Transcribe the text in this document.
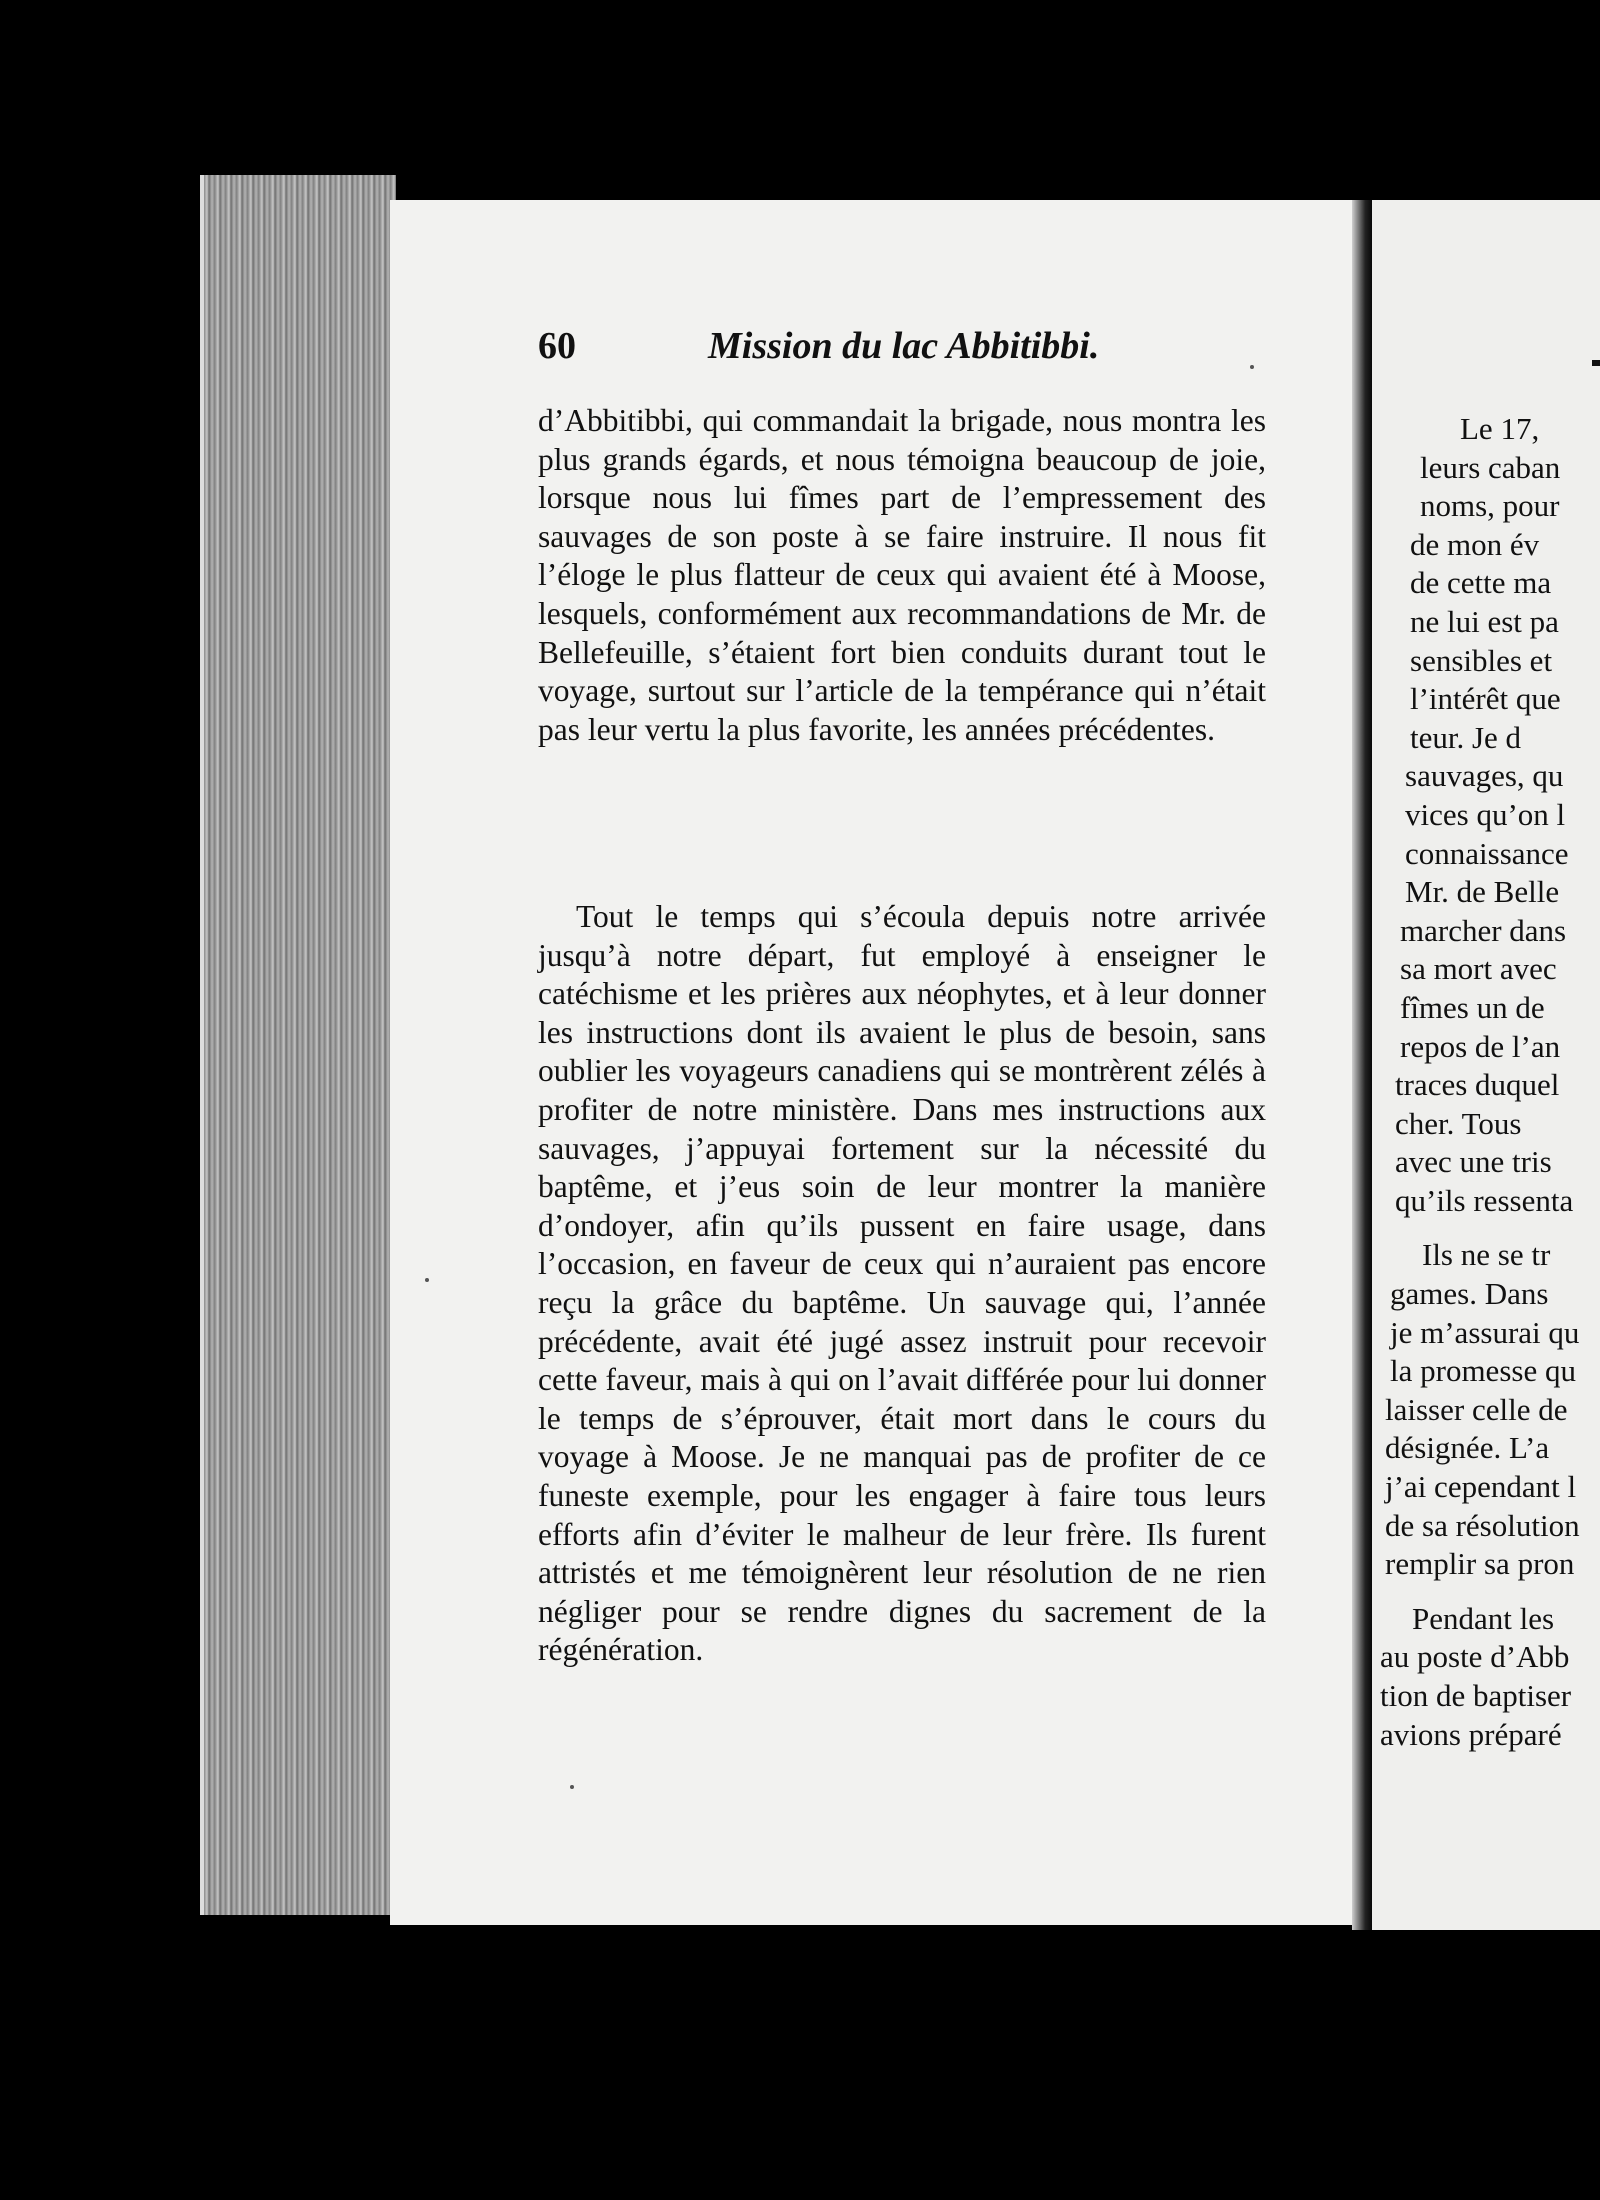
60	Mission du lac Abbitibbi.
d’Abbitibbi, qui commandait la brigade, nous montra les plus grands égards, et nous témoigna beaucoup de joie, lorsque nous lui fîmes part de l’empressement des sauvages de son poste à se faire instruire. Il nous fit l’éloge le plus flatteur de ceux qui avaient été à Moose, lesquels, conformément aux recommandations de Mr. de Bellefeuille, s’étaient fort bien conduits durant tout le voyage, surtout sur l’article de la tempérance qui n’était pas leur vertu la plus favorite, les années précédentes.
Tout le temps qui s’écoula depuis notre arrivée jusqu’à notre départ, fut employé à enseigner le catéchisme et les prières aux néophytes, et à leur donner les instructions dont ils avaient le plus de besoin, sans oublier les voyageurs canadiens qui se montrèrent zélés à profiter de notre ministère. Dans mes instructions aux sauvages, j’appuyai fortement sur la nécessité du baptême, et j’eus soin de leur montrer la manière d’ondoyer, afin qu’ils pussent en faire usage, dans l’occasion, en faveur de ceux qui n’auraient pas encore reçu la grâce du baptême. Un sauvage qui, l’année précédente, avait été jugé assez instruit pour recevoir cette faveur, mais à qui on l’avait différée pour lui donner le temps de s’éprouver, était mort dans le cours du voyage à Moose. Je ne manquai pas de profiter de ce funeste exemple, pour les engager à faire tous leurs efforts afin d’éviter le malheur de leur frère. Ils furent attristés et me témoignèrent leur résolution de ne rien négliger pour se rendre dignes du sacrement de la régénération.
Le 17,
leurs caban
noms, pour
de mon év
de cette ma
ne lui est pa
sensibles et
l’intérêt que
teur. Je d
sauvages, qu
vices qu’on l
connaissance
Mr. de Belle
marcher dans
sa mort avec
fîmes un de
repos de l’an
traces duquel
cher. Tous
avec une tris
qu’ils ressenta
Ils ne se tr
games. Dans
je m’assurai qu
la promesse qu
laisser celle de
désignée. L’a
j’ai cependant l
de sa résolution
remplir sa pron
Pendant les
au poste d’Abb
tion de baptiser
avions préparé
